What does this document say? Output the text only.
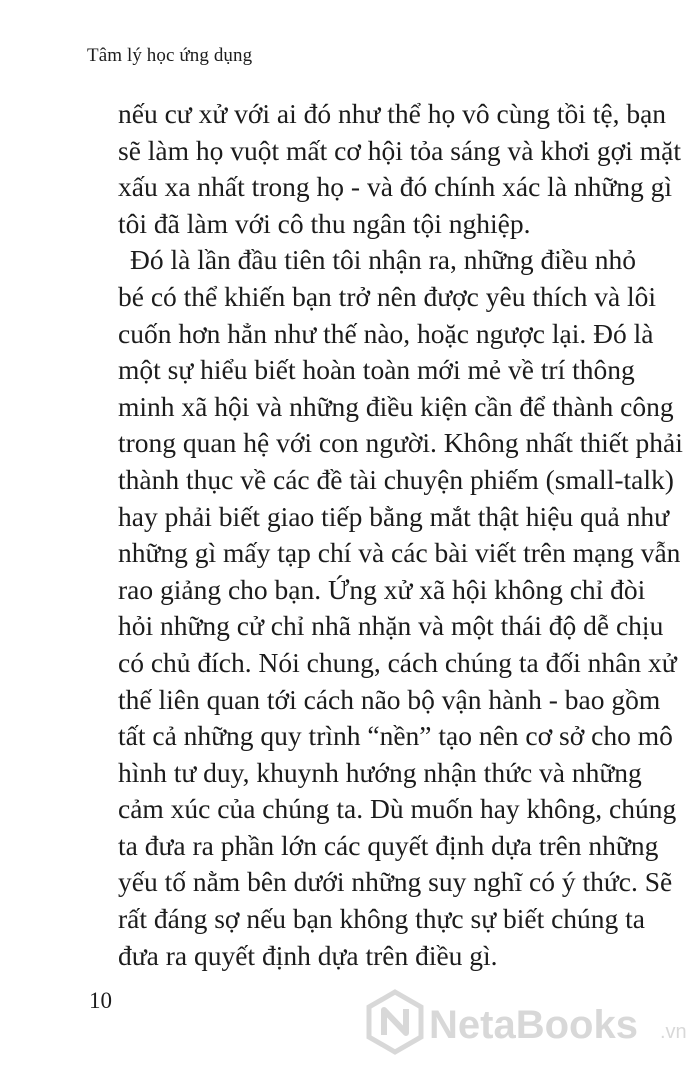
Tâm lý học ứng dụng
nếu cư xử với ai đó như thể họ vô cùng tồi tệ, bạn
sẽ làm họ vuột mất cơ hội tỏa sáng và khơi gợi mặt
xấu xa nhất trong họ - và đó chính xác là những gì
tôi đã làm với cô thu ngân tội nghiệp.
Đó là lần đầu tiên tôi nhận ra, những điều nhỏ
bé có thể khiến bạn trở nên được yêu thích và lôi
cuốn hơn hẳn như thế nào, hoặc ngược lại. Đó là
một sự hiểu biết hoàn toàn mới mẻ về trí thông
minh xã hội và những điều kiện cần để thành công
trong quan hệ với con người. Không nhất thiết phải
thành thục về các đề tài chuyện phiếm (small-talk)
hay phải biết giao tiếp bằng mắt thật hiệu quả như
những gì mấy tạp chí và các bài viết trên mạng vẫn
rao giảng cho bạn. Ứng xử xã hội không chỉ đòi
hỏi những cử chỉ nhã nhặn và một thái độ dễ chịu
có chủ đích. Nói chung, cách chúng ta đối nhân xử
thế liên quan tới cách não bộ vận hành - bao gồm
tất cả những quy trình “nền” tạo nên cơ sở cho mô
hình tư duy, khuynh hướng nhận thức và những
cảm xúc của chúng ta. Dù muốn hay không, chúng
ta đưa ra phần lớn các quyết định dựa trên những
yếu tố nằm bên dưới những suy nghĩ có ý thức. Sẽ
rất đáng sợ nếu bạn không thực sự biết chúng ta
đưa ra quyết định dựa trên điều gì.
10
NetaBooks .vn
